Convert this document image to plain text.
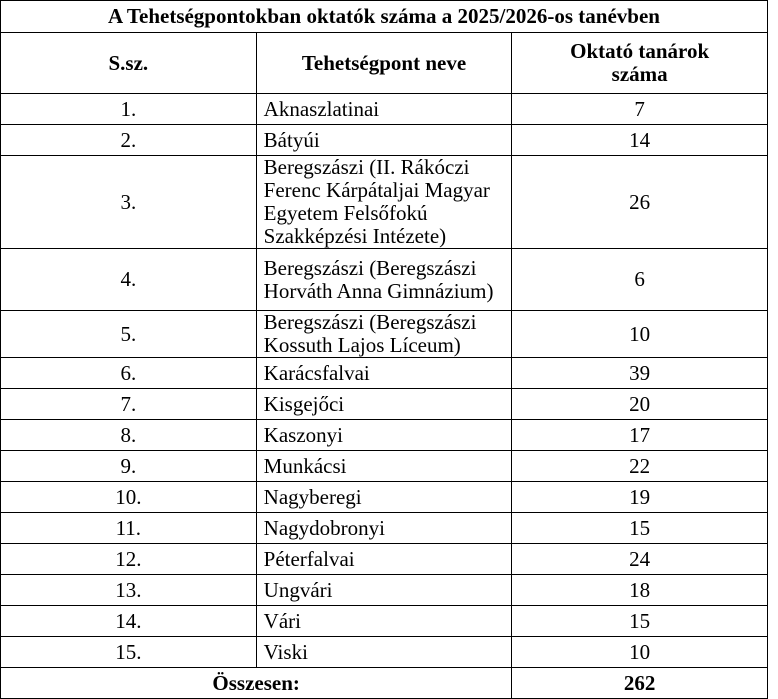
A Tehetségpontokban oktatók száma a 2025/2026-os tanévben		
S.sz.	Tehetségpont neve	Oktató tanárok
száma
1.	Aknaszlatinai	7
2.	Bátyúi	14
3.	Beregszászi (II. Rákóczi Ferenc Kárpátaljai Magyar
Egyetem Felsőfokú Szakképzési Intézete)	26
4.	Beregszászi (Beregszászi Horváth Anna Gimnázium)	6
5.	Beregszászi (Beregszászi Kossuth Lajos Líceum)	10
6.	Karácsfalvai	39
7.	Kisgejőci	20
8.	Kaszonyi	17
9.	Munkácsi	22
10.	Nagyberegi	19
11.	Nagydobronyi	15
12.	Péterfalvai	24
13.	Ungvári	18
14.	Vári	15
15.	Viski	10
Összesen:		262
